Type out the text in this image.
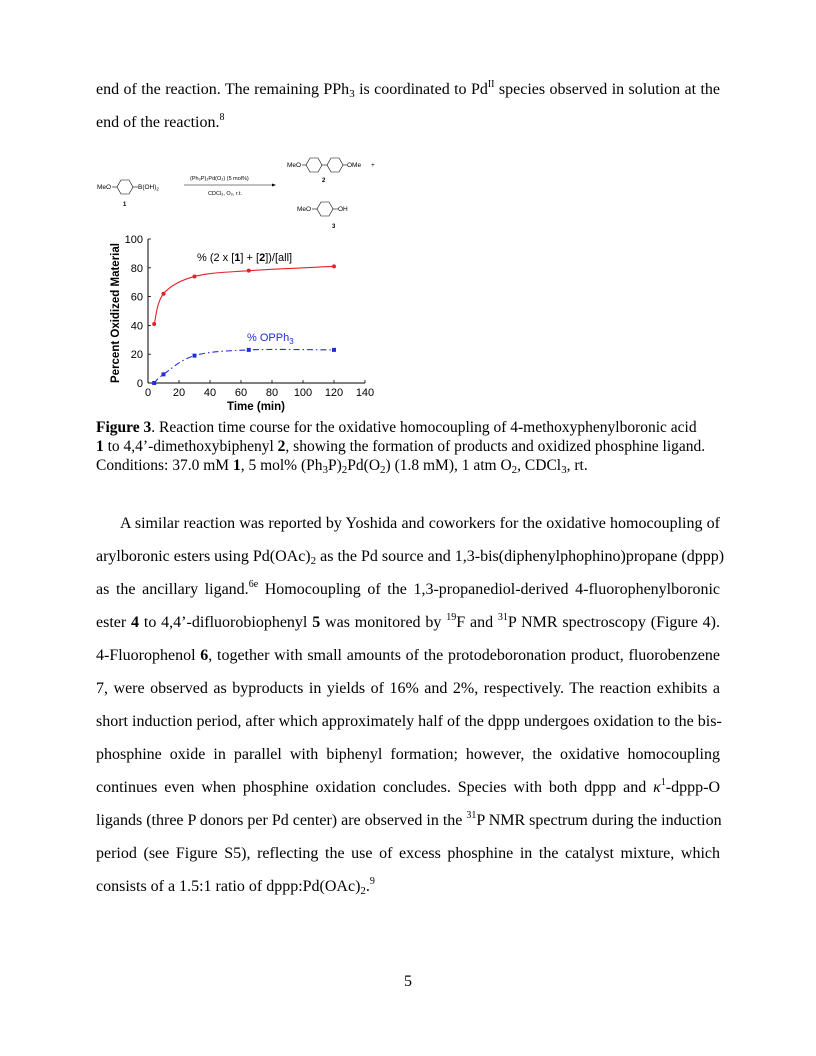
end of the reaction. The remaining PPh$_3$ is coordinated to $Pd^{II}$ species observed in solution at the
end of the reaction.$^8$
MeO	$B(OH)_2$
1
(Ph₃P)₂Pd(O₂) (5 mol%)
CDCl₃, O₂, r.t.
MeO	OMe +
2
MeO	OH
3
Percent Oxidized Material
Time (min)
0 20 40 60 80 100 120 140
0
20
40
60
80
100
% (2 x [1] + [2])/[all]
% OPPh$_3$
Figure 3. Reaction time course for the oxidative homocoupling of 4-methoxyphenylboronic acid
1 to 4,4’-dimethoxybiphenyl 2, showing the formation of products and oxidized phosphine ligand.
Conditions: 37.0 mM 1, 5 mol% $(Ph_3P)_2Pd(O_2)$ (1.8 mM), 1 atm $O_2$, CDCl$_3$, rt.
A similar reaction was reported by Yoshida and coworkers for the oxidative homocoupling of
arylboronic esters using $Pd(OAc)_2$ as the Pd source and 1,3-bis(diphenylphophino)propane (dppp)
as the ancillary ligand.$^{6e}$ Homocoupling of the 1,3-propanediol-derived 4-fluorophenylboronic
ester 4 to 4,4’-difluorobiophenyl 5 was monitored by $^{19}$F and $^{31}$P NMR spectroscopy (Figure 4).
4-Fluorophenol 6, together with small amounts of the protodeboronation product, fluorobenzene
7, were observed as byproducts in yields of 16% and 2%, respectively. The reaction exhibits a
short induction period, after which approximately half of the dppp undergoes oxidation to the bis-
phosphine oxide in parallel with biphenyl formation; however, the oxidative homocoupling
continues even when phosphine oxidation concludes. Species with both dppp and $\kappa^1-dppp-O$
ligands (three P donors per Pd center) are observed in the $^{31}$P NMR spectrum during the induction
period (see Figure S5), reflecting the use of excess phosphine in the catalyst mixture, which
consists of a 1.5:1 ratio of $dppp:Pd(OAc)_2.^9$
5
